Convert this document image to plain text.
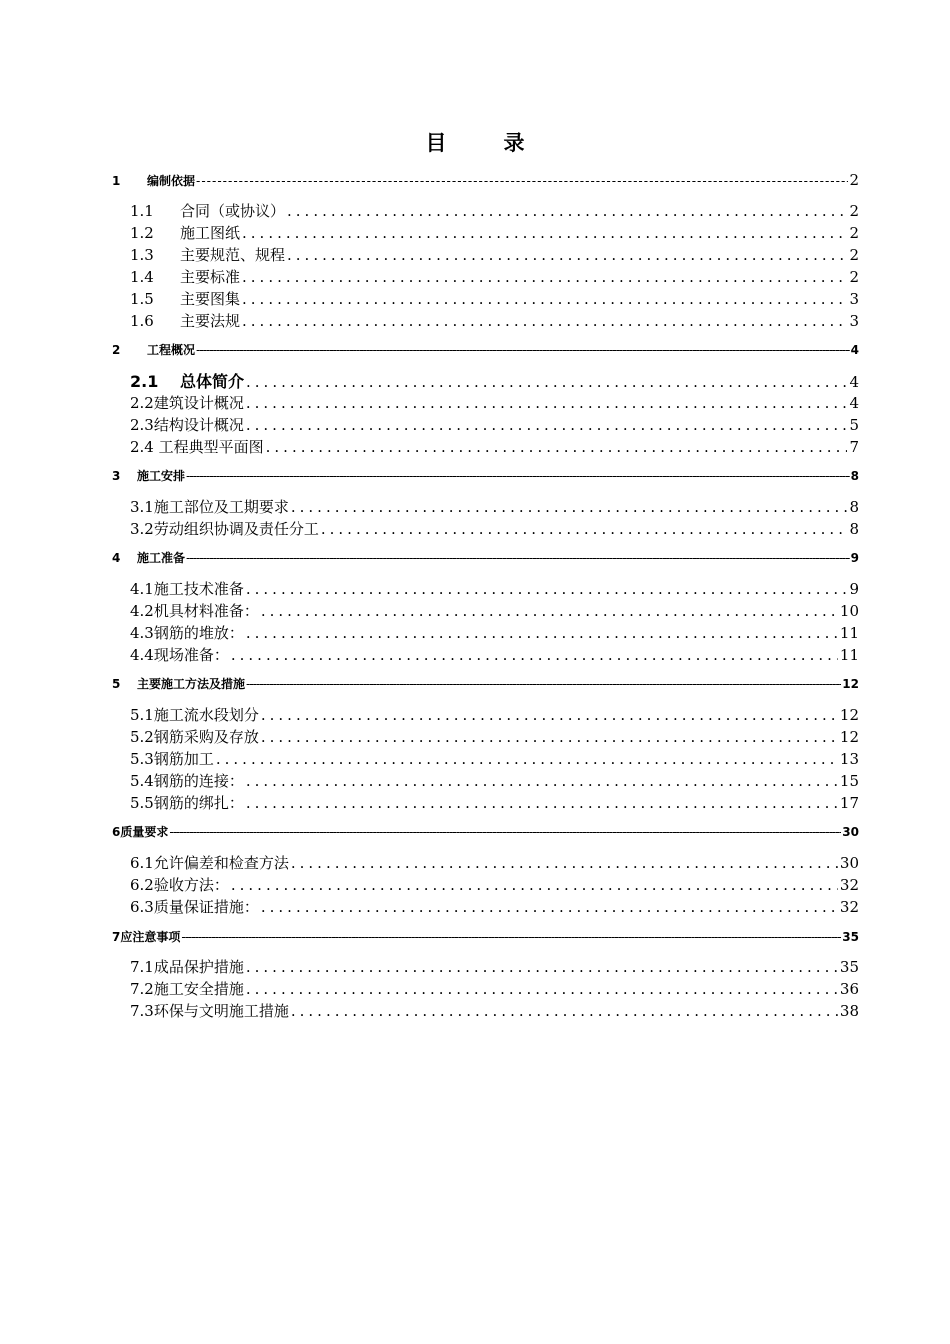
目　录
1	编制依据 -----	2
1.1	合同（或协议） .....	2
1.2	施工图纸 .....	2
1.3	主要规范、规程 .....	2
1.4	主要标准 .....	2
1.5	主要图集 .....	3
1.6	主要法规 .....	3
2	工程概况 -----	4
2.1	总体简介 .....	4
2.2 建筑设计概况 .....	4
2.3 结构设计概况 .....	5
2.4 工程典型平面图 .....	7
3	施工安排 -----	8
3.1 施工部位及工期要求 .....	8
3.2 劳动组织协调及责任分工 .....	8
4	施工准备 -----	9
4.1 施工技术准备 .....	9
4.2 机具材料准备： .....	10
4.3 钢筋的堆放： .....	11
4.4 现场准备： .....	11
5	主要施工方法及措施 -----	12
5.1 施工流水段划分 .....	12
5.2 钢筋采购及存放 .....	12
5.3 钢筋加工 .....	13
5.4 钢筋的连接： .....	15
5.5 钢筋的绑扎： .....	17
6质量要求 -----	30
6.1 允许偏差和检查方法 .....	30
6.2 验收方法： .....	32
6.3 质量保证措施： .....	32
7应注意事项 -----	35
7.1 成品保护措施 .....	35
7.2 施工安全措施 .....	36
7.3 环保与文明施工措施 .....	38
